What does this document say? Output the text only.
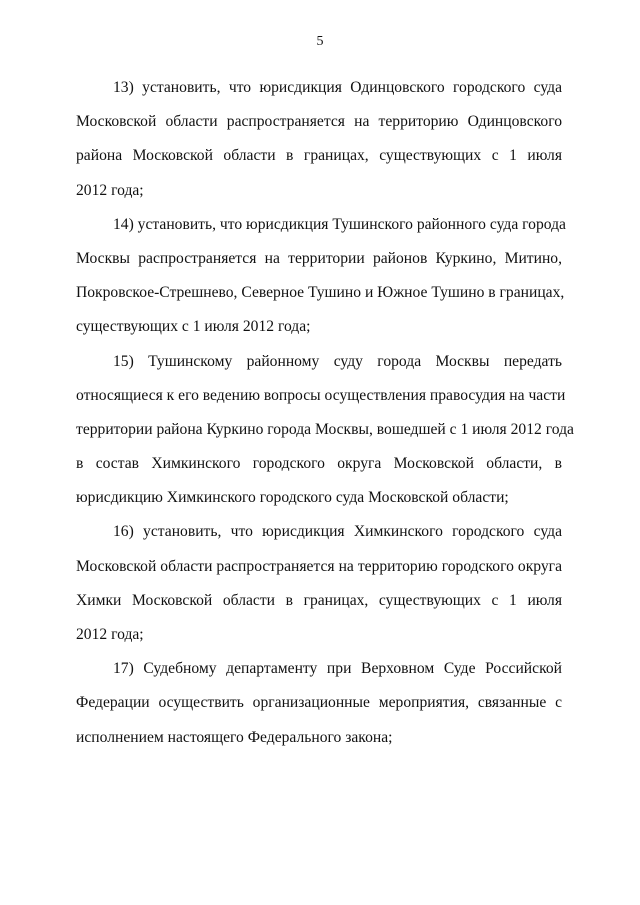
5
13) установить, что юрисдикция Одинцовского городского суда
Московской области распространяется на территорию Одинцовского
района Московской области в границах, существующих с 1 июля
2012 года;
14) установить, что юрисдикция Тушинского районного суда города
Москвы распространяется на территории районов Куркино, Митино,
Покровское-Стрешнево, Северное Тушино и Южное Тушино в границах,
существующих с 1 июля 2012 года;
15) Тушинскому районному суду города Москвы передать
относящиеся к его ведению вопросы осуществления правосудия на части
территории района Куркино города Москвы, вошедшей с 1 июля 2012 года
в состав Химкинского городского округа Московской области, в
юрисдикцию Химкинского городского суда Московской области;
16) установить, что юрисдикция Химкинского городского суда
Московской области распространяется на территорию городского округа
Химки Московской области в границах, существующих с 1 июля
2012 года;
17) Судебному департаменту при Верховном Суде Российской
Федерации осуществить организационные мероприятия, связанные с
исполнением настоящего Федерального закона;
